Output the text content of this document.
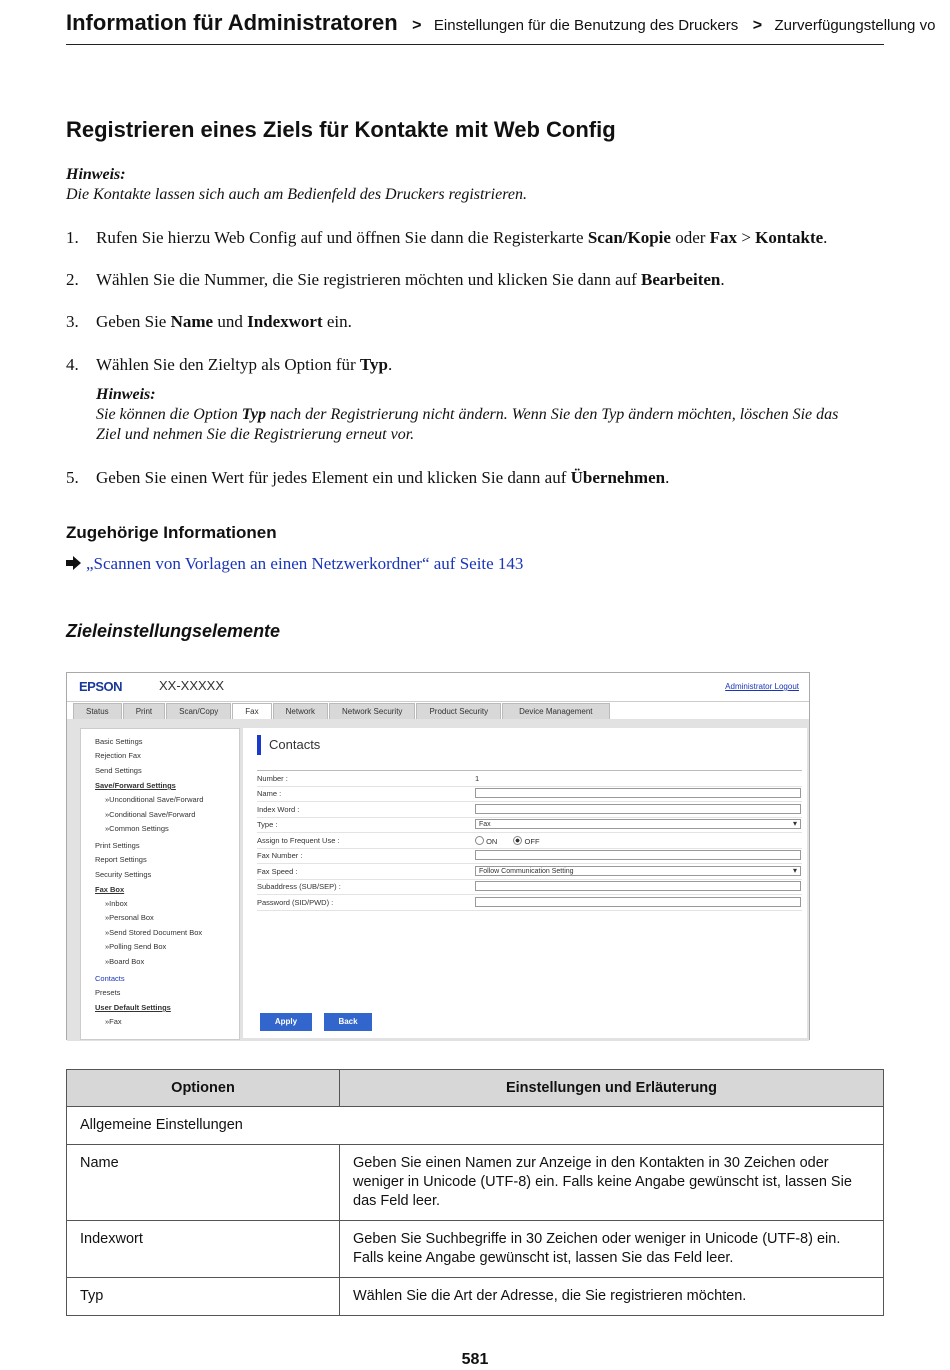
Information für Administratoren > Einstellungen für die Benutzung des Druckers > Zurverfügungstellung vo
Registrieren eines Ziels für Kontakte mit Web Config
Hinweis:
Die Kontakte lassen sich auch am Bedienfeld des Druckers registrieren.
1. Rufen Sie hierzu Web Config auf und öffnen Sie dann die Registerkarte Scan/Kopie oder Fax > Kontakte.
2. Wählen Sie die Nummer, die Sie registrieren möchten und klicken Sie dann auf Bearbeiten.
3. Geben Sie Name und Indexwort ein.
4. Wählen Sie den Zieltyp als Option für Typ.
Hinweis:
Sie können die Option Typ nach der Registrierung nicht ändern. Wenn Sie den Typ ändern möchten, löschen Sie das
Ziel und nehmen Sie die Registrierung erneut vor.
5. Geben Sie einen Wert für jedes Element ein und klicken Sie dann auf Übernehmen.
Zugehörige Informationen
„Scannen von Vorlagen an einen Netzwerkordner“ auf Seite 143
Zieleinstellungselemente
EPSON	XX-XXXXX	Administrator Logout
Status	Print	Scan/Copy	Fax	Network	Network Security	Product Security	Device Management
Basic Settings
Rejection Fax
Send Settings
Save/Forward Settings
»Unconditional Save/Forward
»Conditional Save/Forward
»Common Settings
Print Settings
Report Settings
Security Settings
Fax Box
»Inbox
»Personal Box
»Send Stored Document Box
»Polling Send Box
»Board Box
Contacts
Presets
User Default Settings
»Fax
Contacts
Number :	1
Name :
Index Word :
Type :	Fax ▾
Assign to Frequent Use :	ON	OFF
Fax Number :
Fax Speed :	Follow Communication Setting ▾
Subaddress (SUB/SEP) :
Password (SID/PWD) :
Apply	Back
Optionen	Einstellungen und Erläuterung
Allgemeine Einstellungen	
Name	Geben Sie einen Namen zur Anzeige in den Kontakten in 30 Zeichen oder weniger in Unicode (UTF-8) ein. Falls keine Angabe gewünscht ist, lassen Sie das Feld leer.
Indexwort	Geben Sie Suchbegriffe in 30 Zeichen oder weniger in Unicode (UTF-8) ein. Falls keine Angabe gewünscht ist, lassen Sie das Feld leer.
Typ	Wählen Sie die Art der Adresse, die Sie registrieren möchten.
581
